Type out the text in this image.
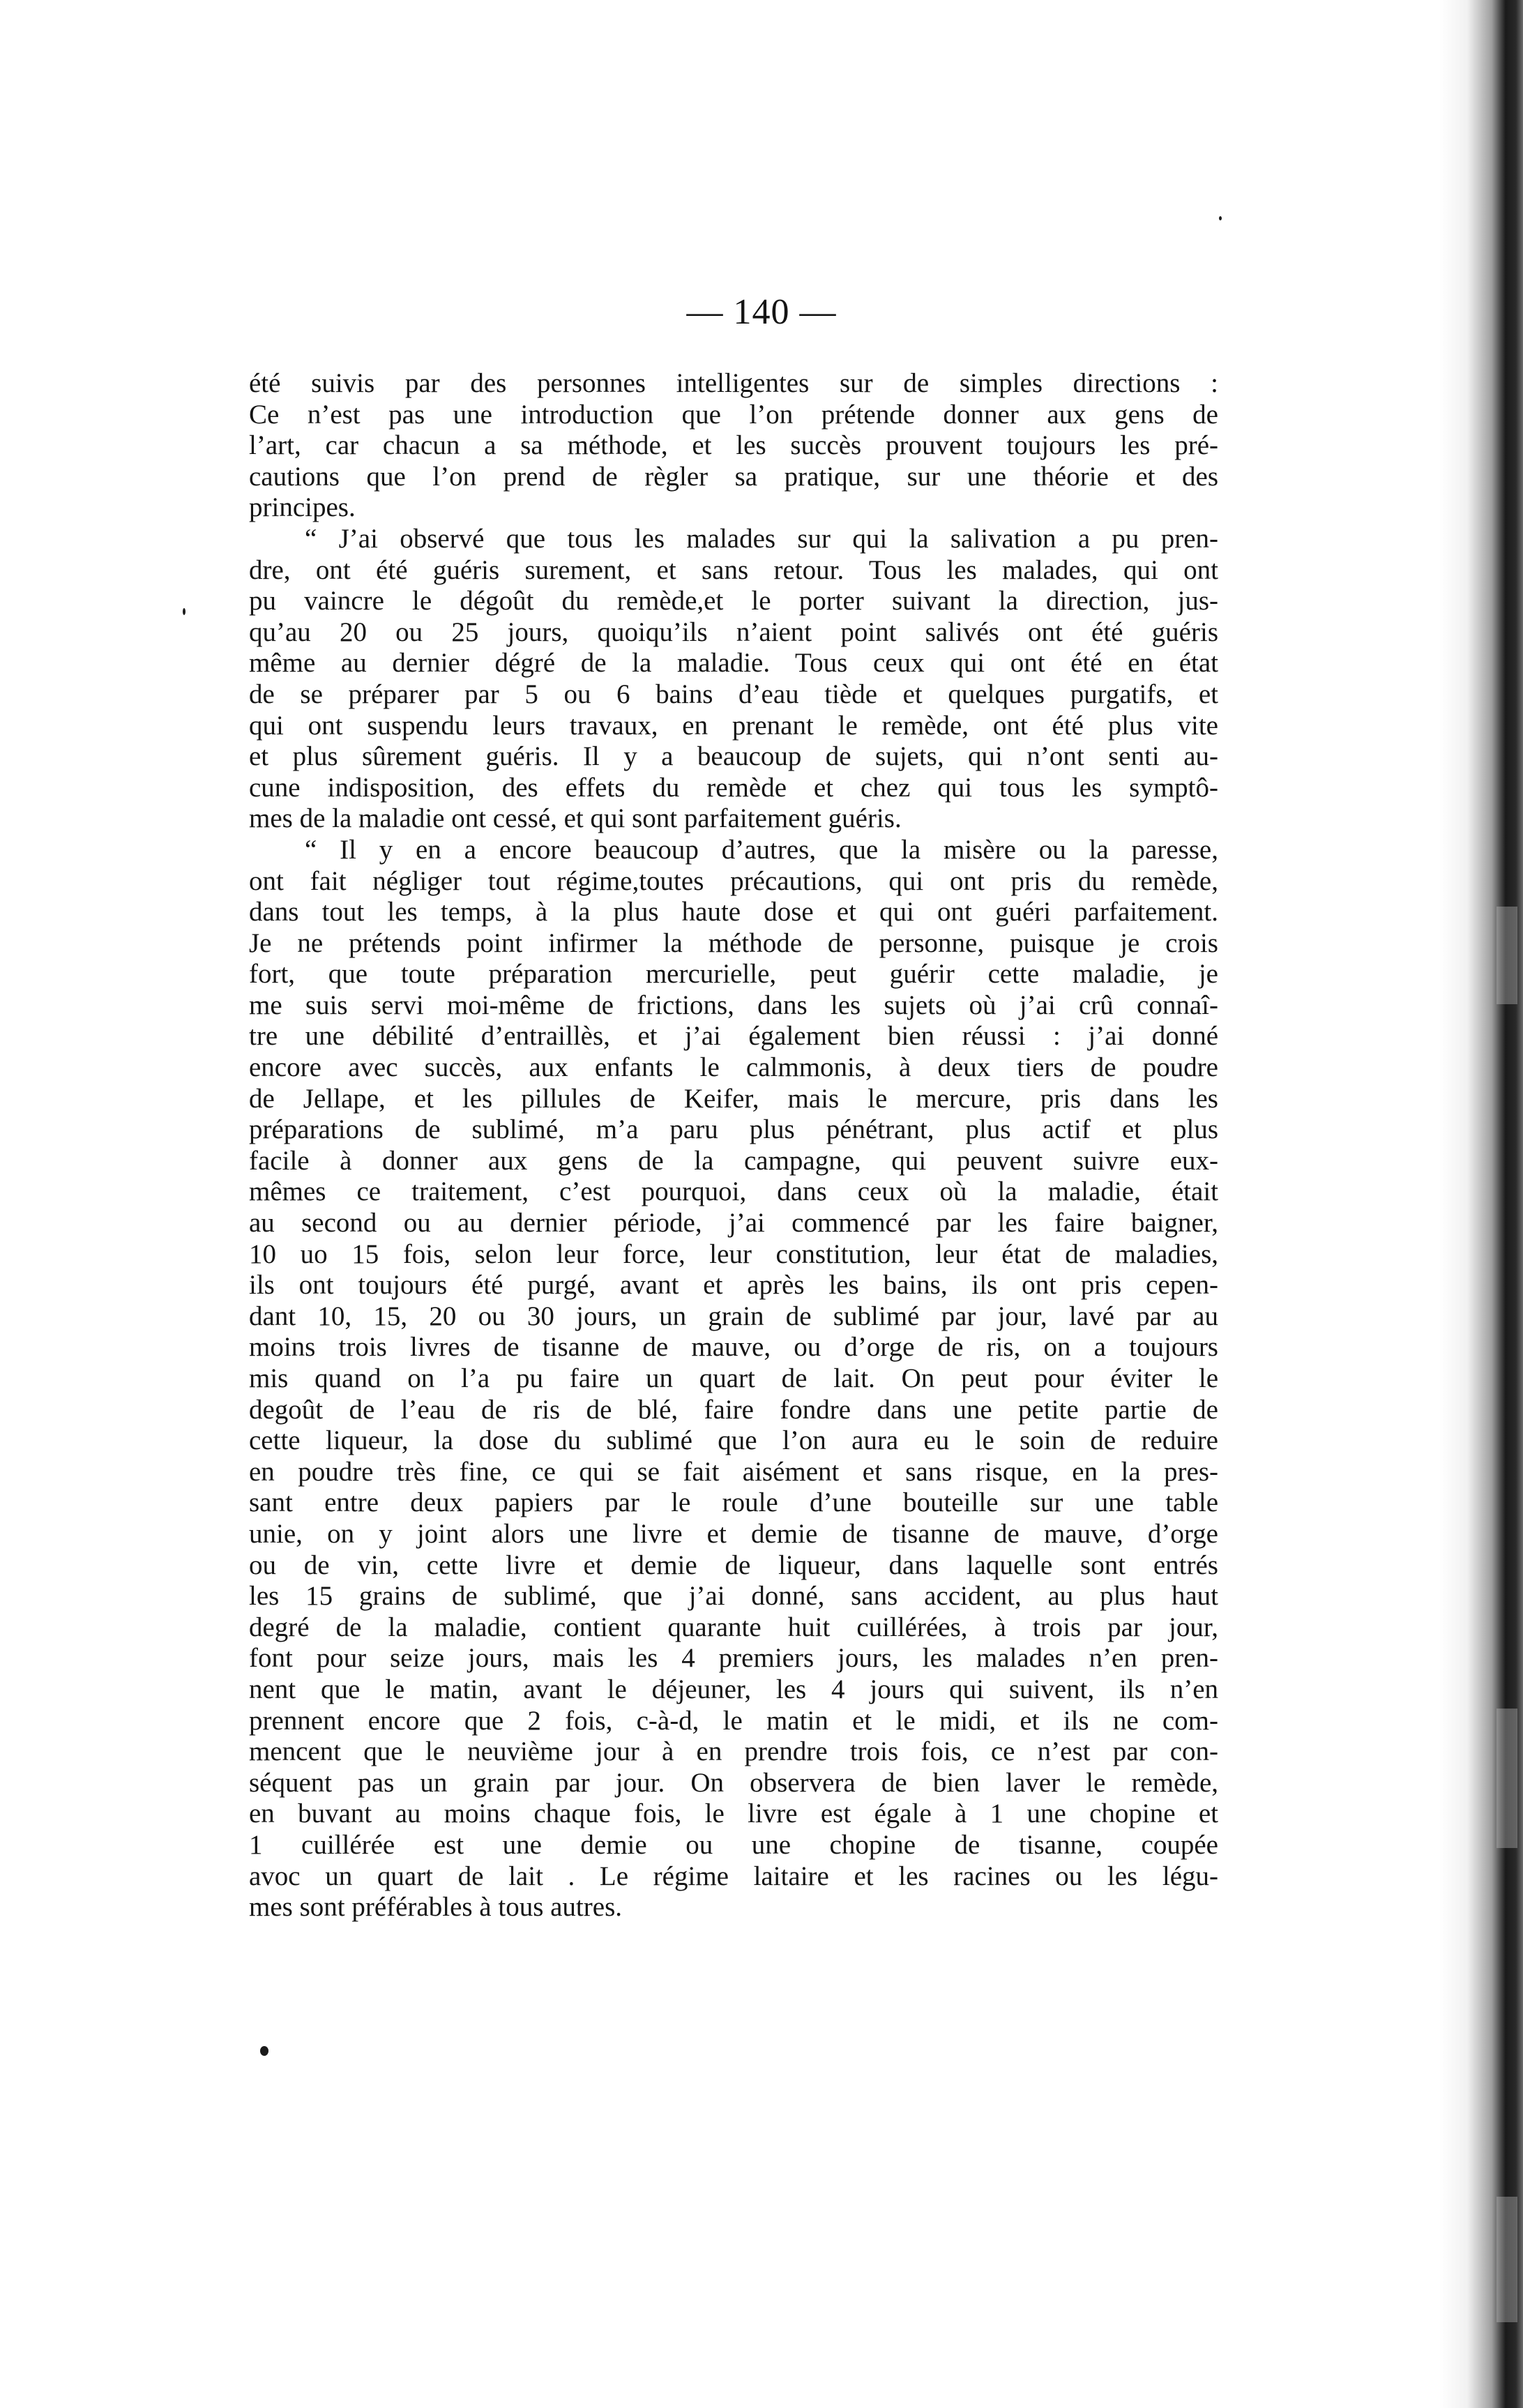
— 140 —
été suivis par des personnes intelligentes sur de simples directions :
Ce n’est pas une introduction que l’on prétende donner aux gens de
l’art, car chacun a sa méthode, et les succès prouvent toujours les pré-
cautions que l’on prend de règler sa pratique, sur une théorie et des
principes.
“ J’ai observé que tous les malades sur qui la salivation a pu pren-
dre, ont été guéris surement, et sans retour. Tous les malades, qui ont
pu vaincre le dégoût du remède,et le porter suivant la direction, jus-
qu’au 20 ou 25 jours, quoiqu’ils n’aient point salivés ont été guéris
même au dernier dégré de la maladie. Tous ceux qui ont été en état
de se préparer par 5 ou 6 bains d’eau tiède et quelques purgatifs, et
qui ont suspendu leurs travaux, en prenant le remède, ont été plus vite
et plus sûrement guéris. Il y a beaucoup de sujets, qui n’ont senti au-
cune indisposition, des effets du remède et chez qui tous les symptô-
mes de la maladie ont cessé, et qui sont parfaitement guéris.
“ Il y en a encore beaucoup d’autres, que la misère ou la paresse,
ont fait négliger tout régime,toutes précautions, qui ont pris du remède,
dans tout les temps, à la plus haute dose et qui ont guéri parfaitement.
Je ne prétends point infirmer la méthode de personne, puisque je crois
fort, que toute préparation mercurielle, peut guérir cette maladie, je
me suis servi moi-même de frictions, dans les sujets où j’ai crû connaî-
tre une débilité d’entraillès, et j’ai également bien réussi : j’ai donné
encore avec succès, aux enfants le calmmonis, à deux tiers de poudre
de Jellape, et les pillules de Keifer, mais le mercure, pris dans les
préparations de sublimé, m’a paru plus pénétrant, plus actif et plus
facile à donner aux gens de la campagne, qui peuvent suivre eux-
mêmes ce traitement, c’est pourquoi, dans ceux où la maladie, était
au second ou au dernier période, j’ai commencé par les faire baigner,
10 uo 15 fois, selon leur force, leur constitution, leur état de maladies,
ils ont toujours été purgé, avant et après les bains, ils ont pris cepen-
dant 10, 15, 20 ou 30 jours, un grain de sublimé par jour, lavé par au
moins trois livres de tisanne de mauve, ou d’orge de ris, on a toujours
mis quand on l’a pu faire un quart de lait. On peut pour éviter le
degoût de l’eau de ris de blé, faire fondre dans une petite partie de
cette liqueur, la dose du sublimé que l’on aura eu le soin de reduire
en poudre très fine, ce qui se fait aisément et sans risque, en la pres-
sant entre deux papiers par le roule d’une bouteille sur une table
unie, on y joint alors une livre et demie de tisanne de mauve, d’orge
ou de vin, cette livre et demie de liqueur, dans laquelle sont entrés
les 15 grains de sublimé, que j’ai donné, sans accident, au plus haut
degré de la maladie, contient quarante huit cuillérées, à trois par jour,
font pour seize jours, mais les 4 premiers jours, les malades n’en pren-
nent que le matin, avant le déjeuner, les 4 jours qui suivent, ils n’en
prennent encore que 2 fois, c-à-d, le matin et le midi, et ils ne com-
mencent que le neuvième jour à en prendre trois fois, ce n’est par con-
séquent pas un grain par jour. On observera de bien laver le remède,
en buvant au moins chaque fois, le livre est égale à 1 une chopine et
1 cuillérée est une demie ou une chopine de tisanne, coupée
avoc un quart de lait . Le régime laitaire et les racines ou les légu-
mes sont préférables à tous autres.
